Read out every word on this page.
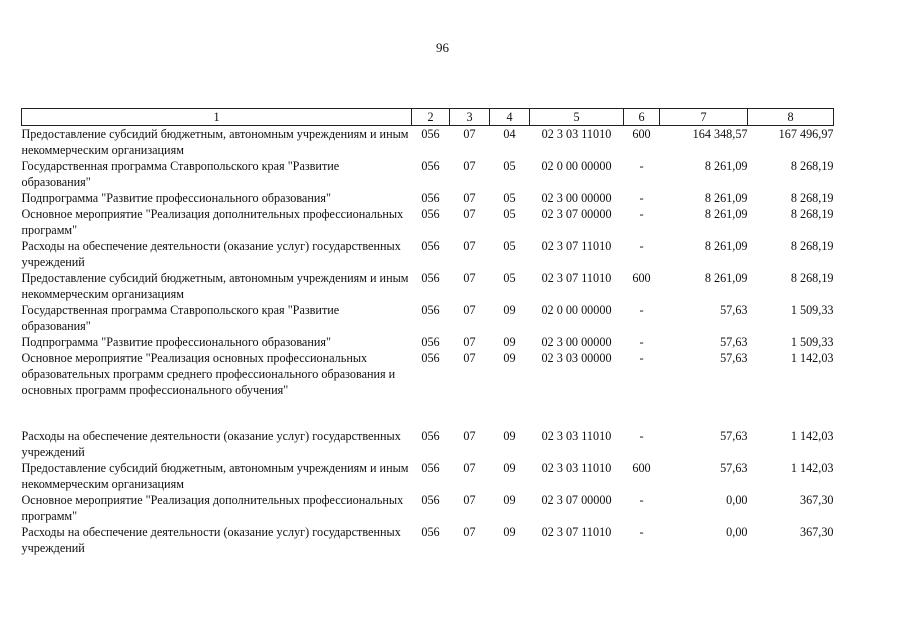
96
1	2	3	4	5	6	7	8
Предоставление субсидий бюджетным, автономным учреждениям и иным некоммерческим организациям	056	07	04	02 3 03 11010	600	164 348,57	167 496,97
Государственная программа Ставропольского края "Развитие образования"	056	07	05	02 0 00 00000	-	8 261,09	8 268,19
Подпрограмма "Развитие профессионального образования"	056	07	05	02 3 00 00000	-	8 261,09	8 268,19
Основное мероприятие "Реализация дополнительных профессиональных программ"	056	07	05	02 3 07 00000	-	8 261,09	8 268,19
Расходы на обеспечение деятельности (оказание услуг) государственных учреждений	056	07	05	02 3 07 11010	-	8 261,09	8 268,19
Предоставление субсидий бюджетным, автономным учреждениям и иным некоммерческим организациям	056	07	05	02 3 07 11010	600	8 261,09	8 268,19
Государственная программа Ставропольского края "Развитие образования"	056	07	09	02 0 00 00000	-	57,63	1 509,33
Подпрограмма "Развитие профессионального образования"	056	07	09	02 3 00 00000	-	57,63	1 509,33
Основное мероприятие "Реализация основных профессиональных образовательных программ среднего профессионального образования и основных программ профессионального обучения"	056	07	09	02 3 03 00000	-	57,63	1 142,03

Расходы на обеспечение деятельности (оказание услуг) государственных учреждений	056	07	09	02 3 03 11010	-	57,63	1 142,03
Предоставление субсидий бюджетным, автономным учреждениям и иным некоммерческим организациям	056	07	09	02 3 03 11010	600	57,63	1 142,03
Основное мероприятие "Реализация дополнительных профессиональных программ"	056	07	09	02 3 07 00000	-	0,00	367,30
Расходы на обеспечение деятельности (оказание услуг) государственных учреждений	056	07	09	02 3 07 11010	-	0,00	367,30
